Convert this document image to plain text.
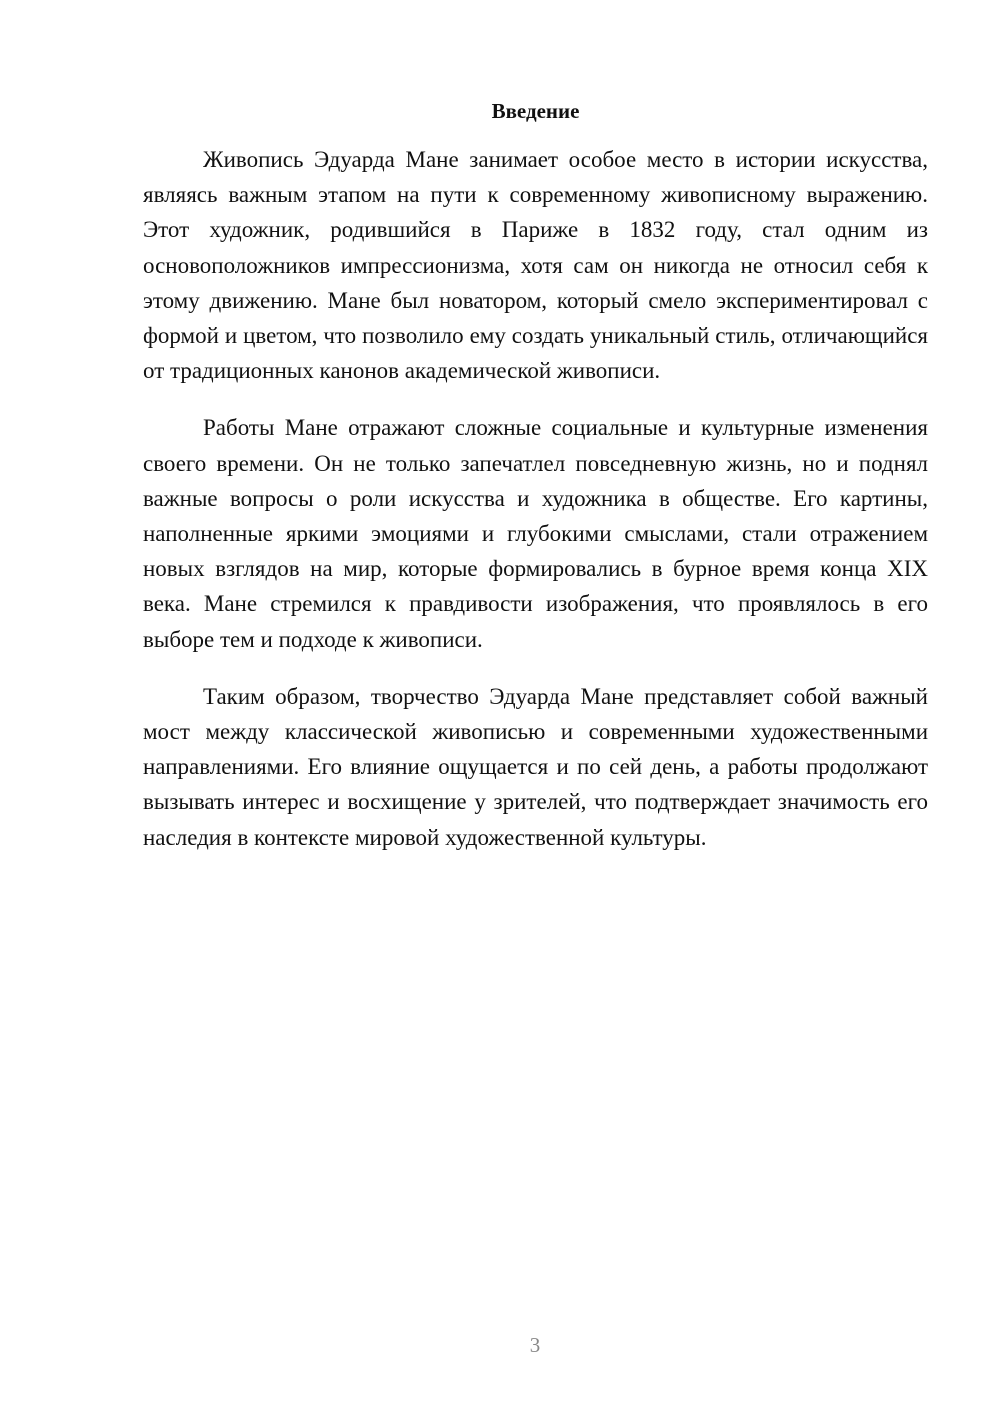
Введение

Живопись Эдуарда Мане занимает особое место в истории искусства, являясь важным этапом на пути к современному живописному выражению. Этот художник, родившийся в Париже в 1832 году, стал одним из основоположников импрессионизма, хотя сам он никогда не относил себя к этому движению. Мане был новатором, который смело экспериментировал с формой и цветом, что позволило ему создать уникальный стиль, отличающийся от традиционных канонов академической живописи.

Работы Мане отражают сложные социальные и культурные изменения своего времени. Он не только запечатлел повседневную жизнь, но и поднял важные вопросы о роли искусства и художника в обществе. Его картины, наполненные яркими эмоциями и глубокими смыслами, стали отражением новых взглядов на мир, которые формировались в бурное время конца XIX века. Мане стремился к правдивости изображения, что проявлялось в его выборе тем и подходе к живописи.

Таким образом, творчество Эдуарда Мане представляет собой важный мост между классической живописью и современными художественными направлениями. Его влияние ощущается и по сей день, а работы продолжают вызывать интерес и восхищение у зрителей, что подтверждает значимость его наследия в контексте мировой художественной культуры.

3
